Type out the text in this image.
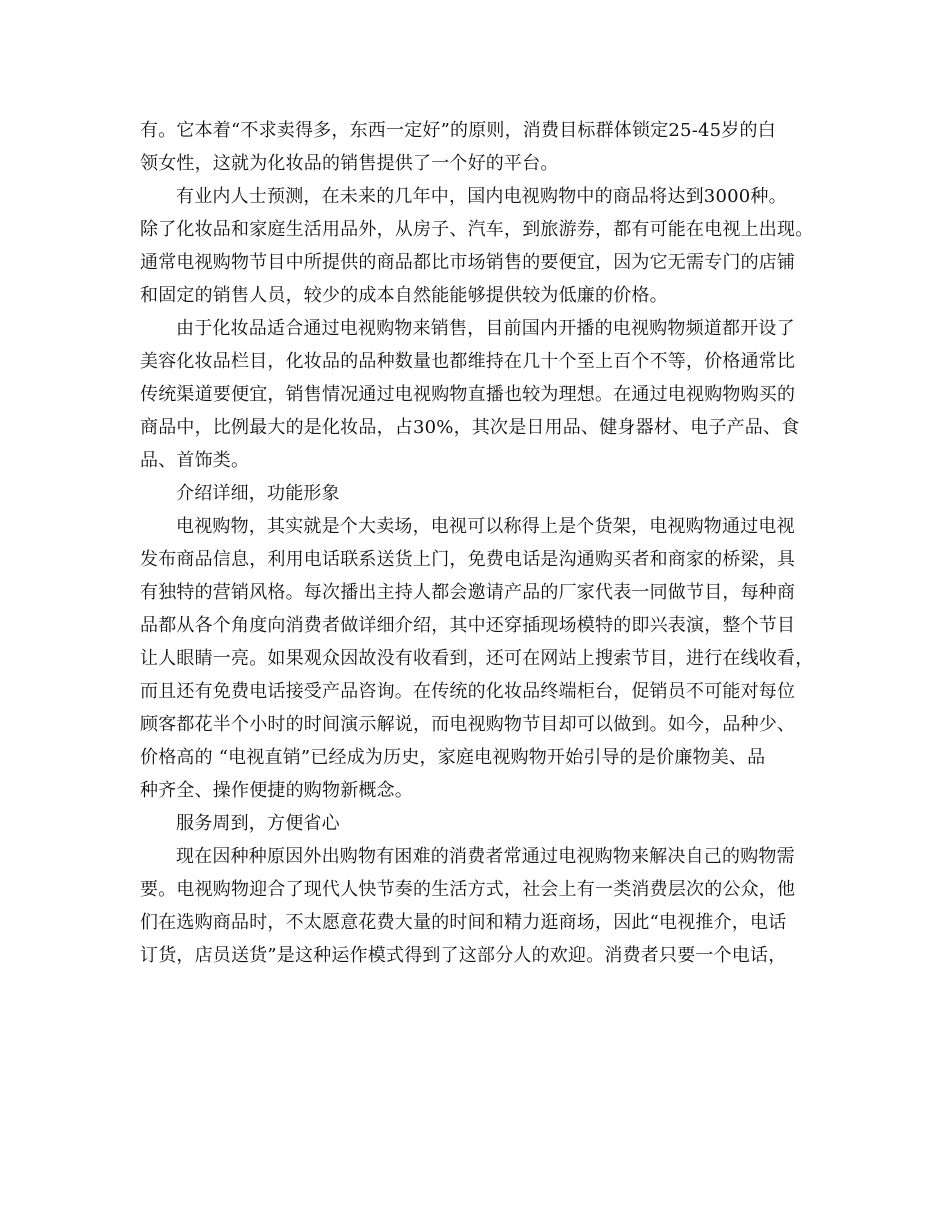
有。它本着“不求卖得多，东西一定好”的原则，消费目标群体锁定25-45岁的白
领女性，这就为化妆品的销售提供了一个好的平台。
有业内人士预测，在未来的几年中，国内电视购物中的商品将达到3000种。
除了化妆品和家庭生活用品外，从房子、汽车，到旅游券，都有可能在电视上出现。
通常电视购物节目中所提供的商品都比市场销售的要便宜，因为它无需专门的店铺
和固定的销售人员，较少的成本自然能能够提供较为低廉的价格。
由于化妆品适合通过电视购物来销售，目前国内开播的电视购物频道都开设了
美容化妆品栏目，化妆品的品种数量也都维持在几十个至上百个不等，价格通常比
传统渠道要便宜，销售情况通过电视购物直播也较为理想。在通过电视购物购买的
商品中，比例最大的是化妆品，占30%，其次是日用品、健身器材、电子产品、食
品、首饰类。
介绍详细，功能形象
电视购物，其实就是个大卖场，电视可以称得上是个货架，电视购物通过电视
发布商品信息，利用电话联系送货上门，免费电话是沟通购买者和商家的桥梁，具
有独特的营销风格。每次播出主持人都会邀请产品的厂家代表一同做节目，每种商
品都从各个角度向消费者做详细介绍，其中还穿插现场模特的即兴表演，整个节目
让人眼睛一亮。如果观众因故没有收看到，还可在网站上搜索节目，进行在线收看，
而且还有免费电话接受产品咨询。在传统的化妆品终端柜台，促销员不可能对每位
顾客都花半个小时的时间演示解说，而电视购物节目却可以做到。如今，品种少、
价格高的 “电视直销”已经成为历史，家庭电视购物开始引导的是价廉物美、品
种齐全、操作便捷的购物新概念。
服务周到，方便省心
现在因种种原因外出购物有困难的消费者常通过电视购物来解决自己的购物需
要。电视购物迎合了现代人快节奏的生活方式，社会上有一类消费层次的公众，他
们在选购商品时，不太愿意花费大量的时间和精力逛商场，因此“电视推介，电话
订货，店员送货”是这种运作模式得到了这部分人的欢迎。消费者只要一个电话，
